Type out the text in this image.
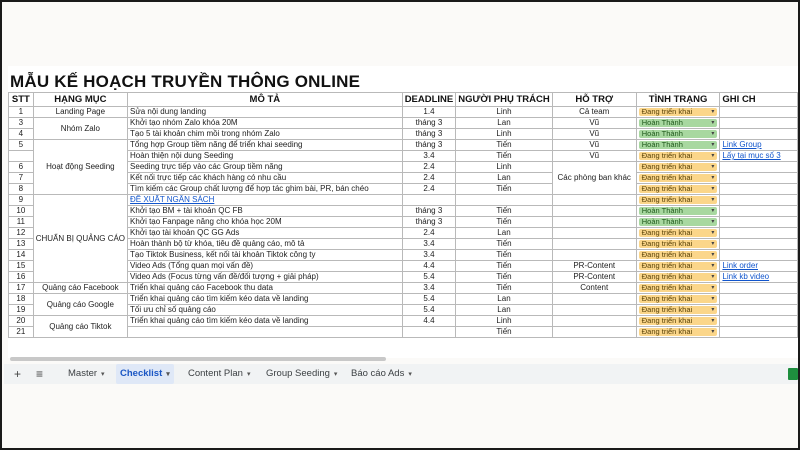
MẪU KẾ HOẠCH TRUYỀN THÔNG ONLINE
STT	HẠNG MỤC	MÔ TẢ	DEADLINE	NGƯỜI PHỤ TRÁCH	HỖ TRỢ	TÌNH TRẠNG	GHI CH
1	Landing Page	Sửa nội dung landing	1.4	Linh	Cả team	Đang triển khai ▾	

3	Nhóm Zalo	Khởi tạo nhóm Zalo khóa 20M	tháng 3	Lan	Vũ	Hoàn Thành ▾	

4		Tạo 5 tài khoản chim mồi trong nhóm Zalo	tháng 3	Linh	Vũ	Hoàn Thành ▾	

5	Hoạt động Seeding	Tổng hợp Group tiềm năng để triển khai seeding	tháng 3	Tiến	Vũ	Hoàn Thành ▾	Link Group
		Hoàn thiện nội dung Seeding	3.4	Tiến	Vũ	Đang triển khai ▾	Lấy tại mục số 3
6		Seeding trực tiếp vào các Group tiềm năng	2.4	Linh	Các phòng ban khác	Đang triển khai ▾	

7		Kết nối trực tiếp các khách hàng có nhu cầu	2.4	Lan		Đang triển khai ▾	

8		Tìm kiếm các Group chất lượng để hợp tác ghim bài, PR, bán chéo	2.4	Tiến		Đang triển khai ▾	

9	CHUẨN BỊ QUẢNG CÁO	ĐỀ XUẤT NGÂN SÁCH				Đang triển khai ▾	

10		Khởi tạo BM + tài khoản QC FB	tháng 3	Tiến		Hoàn Thành ▾	

11		Khởi tạo Fanpage nâng cho khóa học 20M	tháng 3	Tiến		Hoàn Thành ▾	

12		Khởi tạo tài khoản QC GG Ads	2.4	Lan		Đang triển khai ▾	

13		Hoàn thành bộ từ khóa, tiêu đề quảng cáo, mô tả	3.4	Tiến		Đang triển khai ▾	

14		Tạo Tiktok Business, kết nối tài khoản Tiktok công ty	3.4	Tiến		Đang triển khai ▾	

15		Video Ads (Tổng quan mọi vấn đề)	4.4	Tiến	PR-Content	Đang triển khai ▾	Link order
16		Video Ads (Focus từng vấn đề/đối tượng + giải pháp)	5.4	Tiến	PR-Content	Đang triển khai ▾	Link kb video
17	Quảng cáo Facebook	Triển khai quảng cáo Facebook thu data	3.4	Tiến	Content	Đang triển khai ▾	

18	Quảng cáo Google	Triển khai quảng cáo tìm kiếm kéo data về landing	5.4	Lan		Đang triển khai ▾	

19		Tối ưu chỉ số quảng cáo	5.4	Lan		Đang triển khai ▾	

20	Quảng cáo Tiktok	Triển khai quảng cáo tìm kiếm kéo data về landing	4.4	Linh		Đang triển khai ▾	

21				Tiến		Đang triển khai ▾	

+ ≡	Master ▾	Checklist ▾	Content Plan ▾	Group Seeding ▾	Báo cáo Ads ▾
